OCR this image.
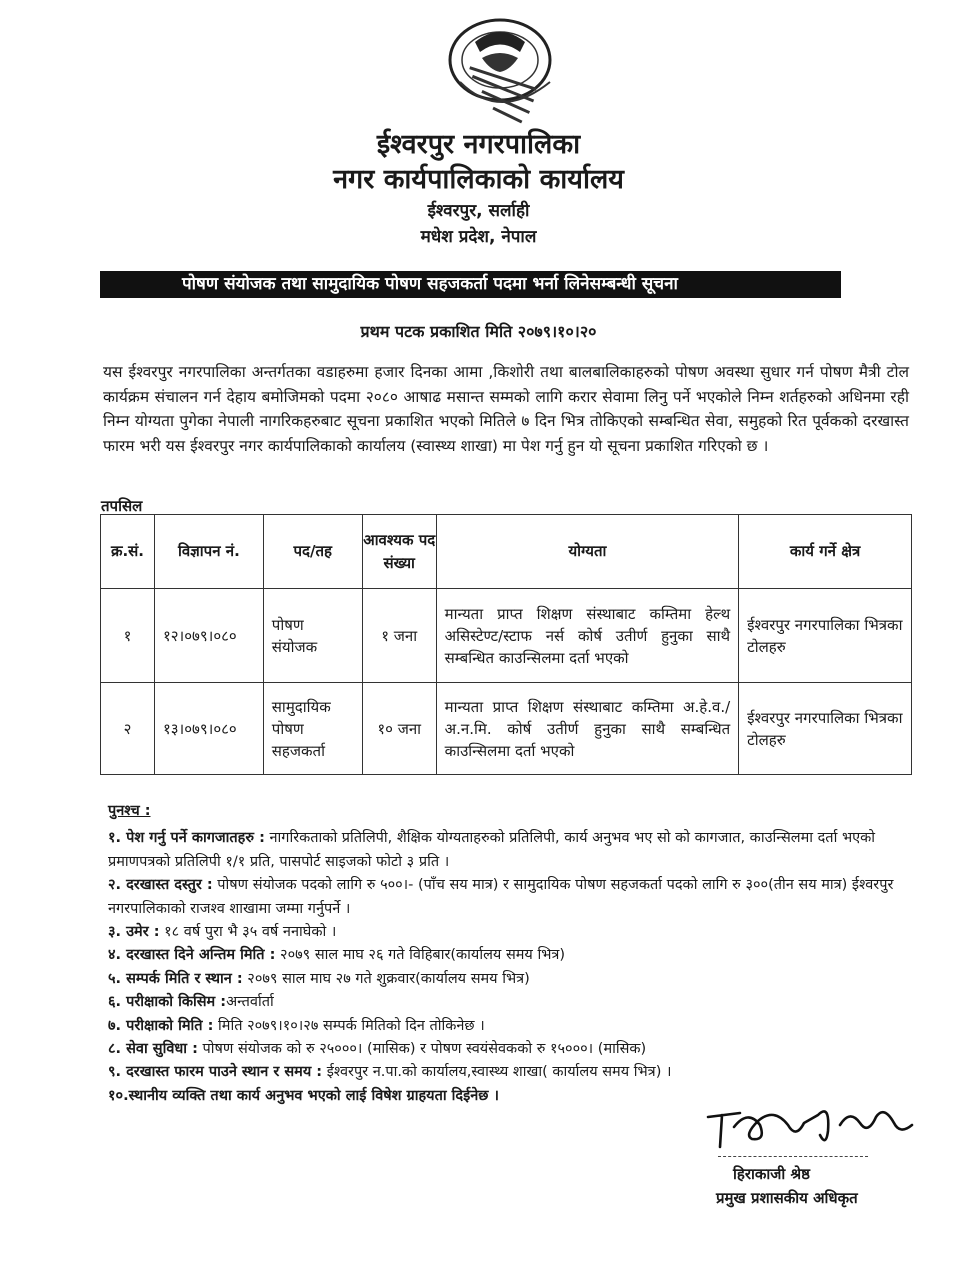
ईश्वरपुर नगरपालिका
नगर कार्यपालिकाको कार्यालय
ईश्वरपुर, सर्लाही
मधेश प्रदेश, नेपाल
पोषण संयोजक तथा सामुदायिक पोषण सहजकर्ता पदमा भर्ना लिनेसम्बन्धी सूचना
प्रथम पटक प्रकाशित मिति २०७९।१०।२०

यस ईश्वरपुर नगरपालिका अन्तर्गतका वडाहरुमा हजार दिनका आमा ,किशोरी तथा बालबालिकाहरुको पोषण अवस्था सुधार गर्न पोषण मैत्री टोल कार्यक्रम संचालन गर्न देहाय बमोजिमको पदमा २०८० आषाढ मसान्त सम्मको लागि करार सेवामा लिनु पर्ने भएकोले निम्न शर्तहरुको अधिनमा रही निम्न योग्यता पुगेका नेपाली नागरिकहरुबाट सूचना प्रकाशित भएको मितिले ७ दिन भित्र तोकिएको सम्बन्धित सेवा, समुहको रित पूर्वकको दरखास्त फारम भरी यस ईश्वरपुर नगर कार्यपालिकाको कार्यालय (स्वास्थ्य शाखा) मा पेश गर्नु हुन यो सूचना प्रकाशित गरिएको छ ।

तपसिल
क्र.सं.	विज्ञापन नं.	पद/तह	आवश्यक पद संख्या	योग्यता	कार्य गर्ने क्षेत्र
१	१२।०७९।०८०	पोषण संयोजक	१ जना	मान्यता प्राप्त शिक्षण संस्थाबाट कम्तिमा हेल्थ असिस्टेण्ट/स्टाफ नर्स कोर्ष उतीर्ण हुनुका साथै सम्बन्धित काउन्सिलमा दर्ता भएको	ईश्वरपुर नगरपालिका भित्रका टोलहरु
२	१३।०७९।०८०	सामुदायिक पोषण सहजकर्ता	१० जना	मान्यता प्राप्त शिक्षण संस्थाबाट कम्तिमा अ.हे.व./अ.न.मि. कोर्ष उतीर्ण हुनुका साथै सम्बन्धित काउन्सिलमा दर्ता भएको	ईश्वरपुर नगरपालिका भित्रका टोलहरु
पुनश्च :
१. पेश गर्नु पर्ने कागजातहरु : नागरिकताको प्रतिलिपी, शैक्षिक योग्यताहरुको प्रतिलिपी, कार्य अनुभव भए सो को कागजात, काउन्सिलमा दर्ता भएको प्रमाणपत्रको प्रतिलिपी १/१ प्रति, पासपोर्ट साइजको फोटो ३ प्रति ।
२. दरखास्त दस्तुर : पोषण संयोजक पदको लागि रु ५००।- (पाँच सय मात्र) र सामुदायिक पोषण सहजकर्ता पदको लागि रु ३००(तीन सय मात्र) ईश्वरपुर नगरपालिकाको राजश्व शाखामा जम्मा गर्नुपर्ने ।
३. उमेर : १८ वर्ष पुरा भै ३५ वर्ष ननाघेको ।
४. दरखास्त दिने अन्तिम मिति : २०७९ साल माघ २६ गते विहिबार(कार्यालय समय भित्र)
५. सम्पर्क मिति र स्थान : २०७९ साल माघ २७ गते शुक्रवार(कार्यालय समय भित्र)
६. परीक्षाको किसिम :अन्तर्वार्ता
७. परीक्षाको मिति : मिति २०७९।१०।२७ सम्पर्क मितिको दिन तोकिनेछ ।
८. सेवा सुविधा : पोषण संयोजक को रु २५०००। (मासिक) र पोषण स्वयंसेवकको रु १५०००। (मासिक)
९. दरखास्त फारम पाउने स्थान र समय : ईश्वरपुर न.पा.को कार्यालय,स्वास्थ्य शाखा( कार्यालय समय भित्र) ।
१०.स्थानीय व्यक्ति तथा कार्य अनुभव भएको लाई विषेश ग्राहयता दिईनेछ ।
हिराकाजी श्रेष्ठ
प्रमुख प्रशासकीय अधिकृत
